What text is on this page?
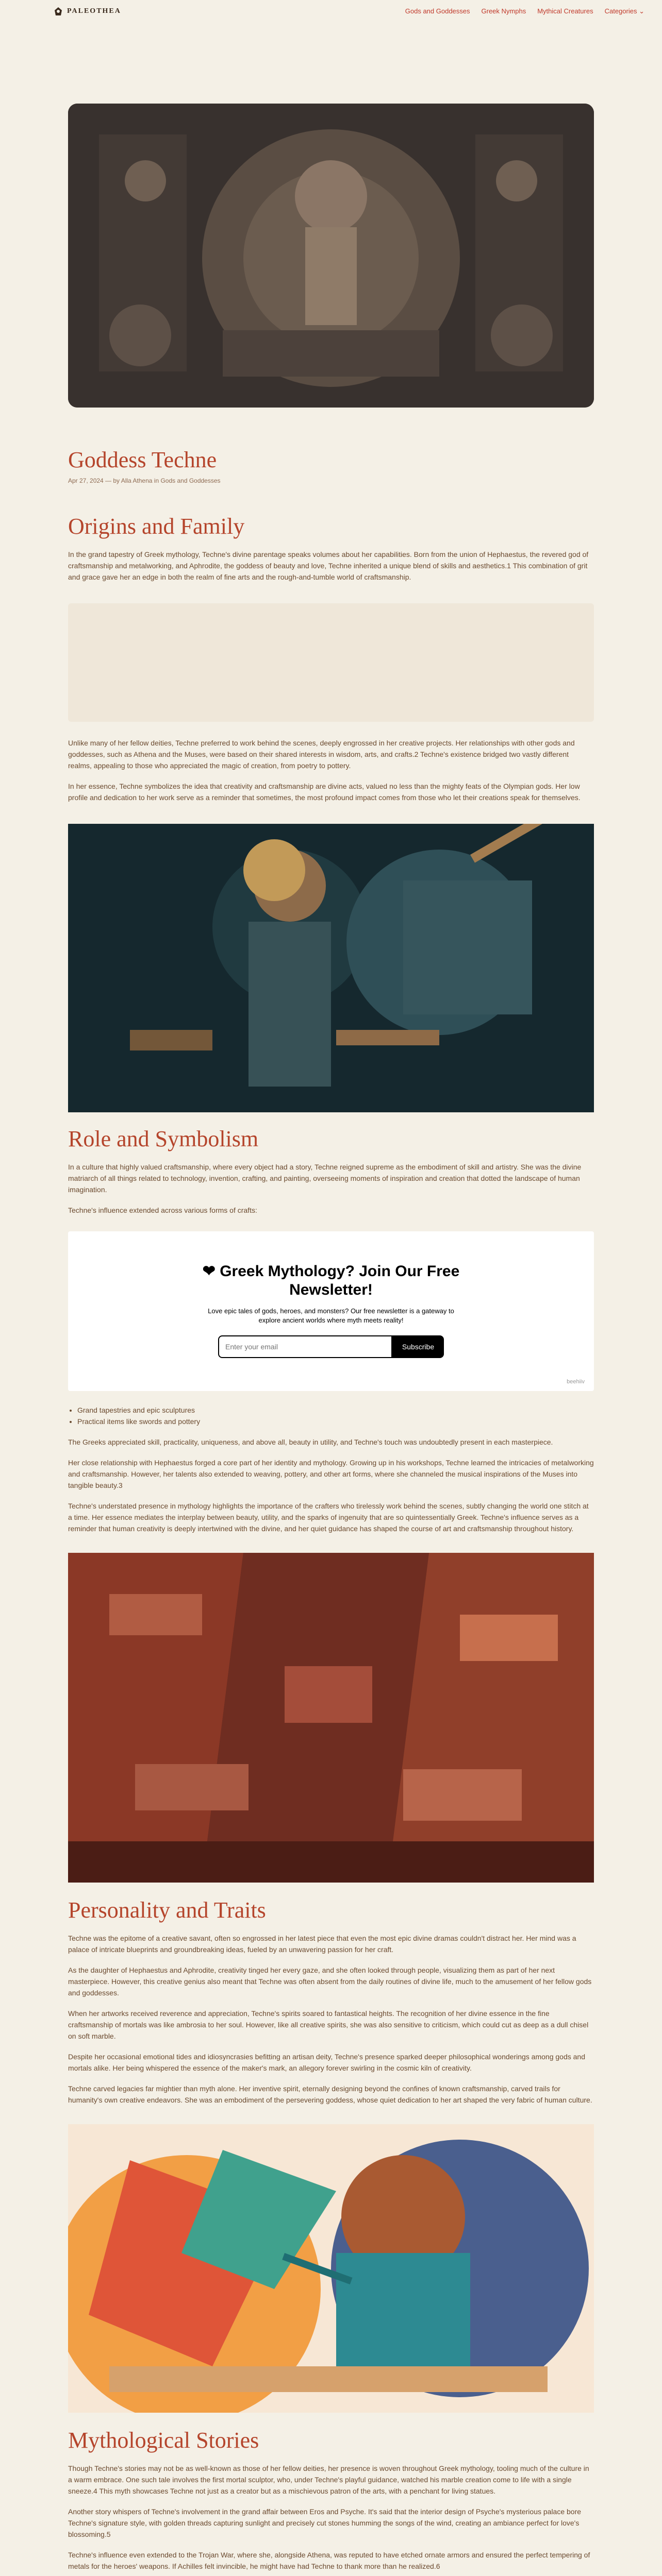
PALEOTHEA	Gods and Goddesses Greek Nymphs Mythical Creatures Categories ⌄
Goddess Techne
Apr 27, 2024 — by Alla Athena in Gods and Goddesses
Origins and Family

In the grand tapestry of Greek mythology, Techne's divine parentage speaks volumes about her capabilities. Born from the union of Hephaestus, the revered god of craftsmanship and metalworking, and Aphrodite, the goddess of beauty and love, Techne inherited a unique blend of skills and aesthetics.1 This combination of grit and grace gave her an edge in both the realm of fine arts and the rough-and-tumble world of craftsmanship.

Unlike many of her fellow deities, Techne preferred to work behind the scenes, deeply engrossed in her creative projects. Her relationships with other gods and goddesses, such as Athena and the Muses, were based on their shared interests in wisdom, arts, and crafts.2 Techne's existence bridged two vastly different realms, appealing to those who appreciated the magic of creation, from poetry to pottery.

In her essence, Techne symbolizes the idea that creativity and craftsmanship are divine acts, valued no less than the mighty feats of the Olympian gods. Her low profile and dedication to her work serve as a reminder that sometimes, the most profound impact comes from those who let their creations speak for themselves.

Role and Symbolism

In a culture that highly valued craftsmanship, where every object had a story, Techne reigned supreme as the embodiment of skill and artistry. She was the divine matriarch of all things related to technology, invention, crafting, and painting, overseeing moments of inspiration and creation that dotted the landscape of human imagination.

Techne's influence extended across various forms of crafts:

❤ Greek Mythology? Join Our Free Newsletter!
Love epic tales of gods, heroes, and monsters? Our free newsletter is a gateway to explore ancient worlds where myth meets reality!
Enter your email
Subscribe
beehiiv
• Grand tapestries and epic sculptures
• Practical items like swords and pottery

The Greeks appreciated skill, practicality, uniqueness, and above all, beauty in utility, and Techne's touch was undoubtedly present in each masterpiece.

Her close relationship with Hephaestus forged a core part of her identity and mythology. Growing up in his workshops, Techne learned the intricacies of metalworking and craftsmanship. However, her talents also extended to weaving, pottery, and other art forms, where she channeled the musical inspirations of the Muses into tangible beauty.3

Techne's understated presence in mythology highlights the importance of the crafters who tirelessly work behind the scenes, subtly changing the world one stitch at a time. Her essence mediates the interplay between beauty, utility, and the sparks of ingenuity that are so quintessentially Greek. Techne's influence serves as a reminder that human creativity is deeply intertwined with the divine, and her quiet guidance has shaped the course of art and craftsmanship throughout history.

Personality and Traits

Techne was the epitome of a creative savant, often so engrossed in her latest piece that even the most epic divine dramas couldn't distract her. Her mind was a palace of intricate blueprints and groundbreaking ideas, fueled by an unwavering passion for her craft.

As the daughter of Hephaestus and Aphrodite, creativity tinged her every gaze, and she often looked through people, visualizing them as part of her next masterpiece. However, this creative genius also meant that Techne was often absent from the daily routines of divine life, much to the amusement of her fellow gods and goddesses.

When her artworks received reverence and appreciation, Techne's spirits soared to fantastical heights. The recognition of her divine essence in the fine craftsmanship of mortals was like ambrosia to her soul. However, like all creative spirits, she was also sensitive to criticism, which could cut as deep as a dull chisel on soft marble.

Despite her occasional emotional tides and idiosyncrasies befitting an artisan deity, Techne's presence sparked deeper philosophical wonderings among gods and mortals alike. Her being whispered the essence of the maker's mark, an allegory forever swirling in the cosmic kiln of creativity.

Techne carved legacies far mightier than myth alone. Her inventive spirit, eternally designing beyond the confines of known craftsmanship, carved trails for humanity's own creative endeavors. She was an embodiment of the persevering goddess, whose quiet dedication to her art shaped the very fabric of human culture.

Mythological Stories

Though Techne's stories may not be as well-known as those of her fellow deities, her presence is woven throughout Greek mythology, tooling much of the culture in a warm embrace. One such tale involves the first mortal sculptor, who, under Techne's playful guidance, watched his marble creation come to life with a single sneeze.4 This myth showcases Techne not just as a creator but as a mischievous patron of the arts, with a penchant for living statues.

Another story whispers of Techne's involvement in the grand affair between Eros and Psyche. It's said that the interior design of Psyche's mysterious palace bore Techne's signature style, with golden threads capturing sunlight and precisely cut stones humming the songs of the wind, creating an ambiance perfect for love's blossoming.5

Techne's influence even extended to the Trojan War, where she, alongside Athena, was reputed to have etched ornate armors and ensured the perfect tempering of metals for the heroes' weapons. If Achilles felt invincible, he might have had Techne to thank more than he realized.6
